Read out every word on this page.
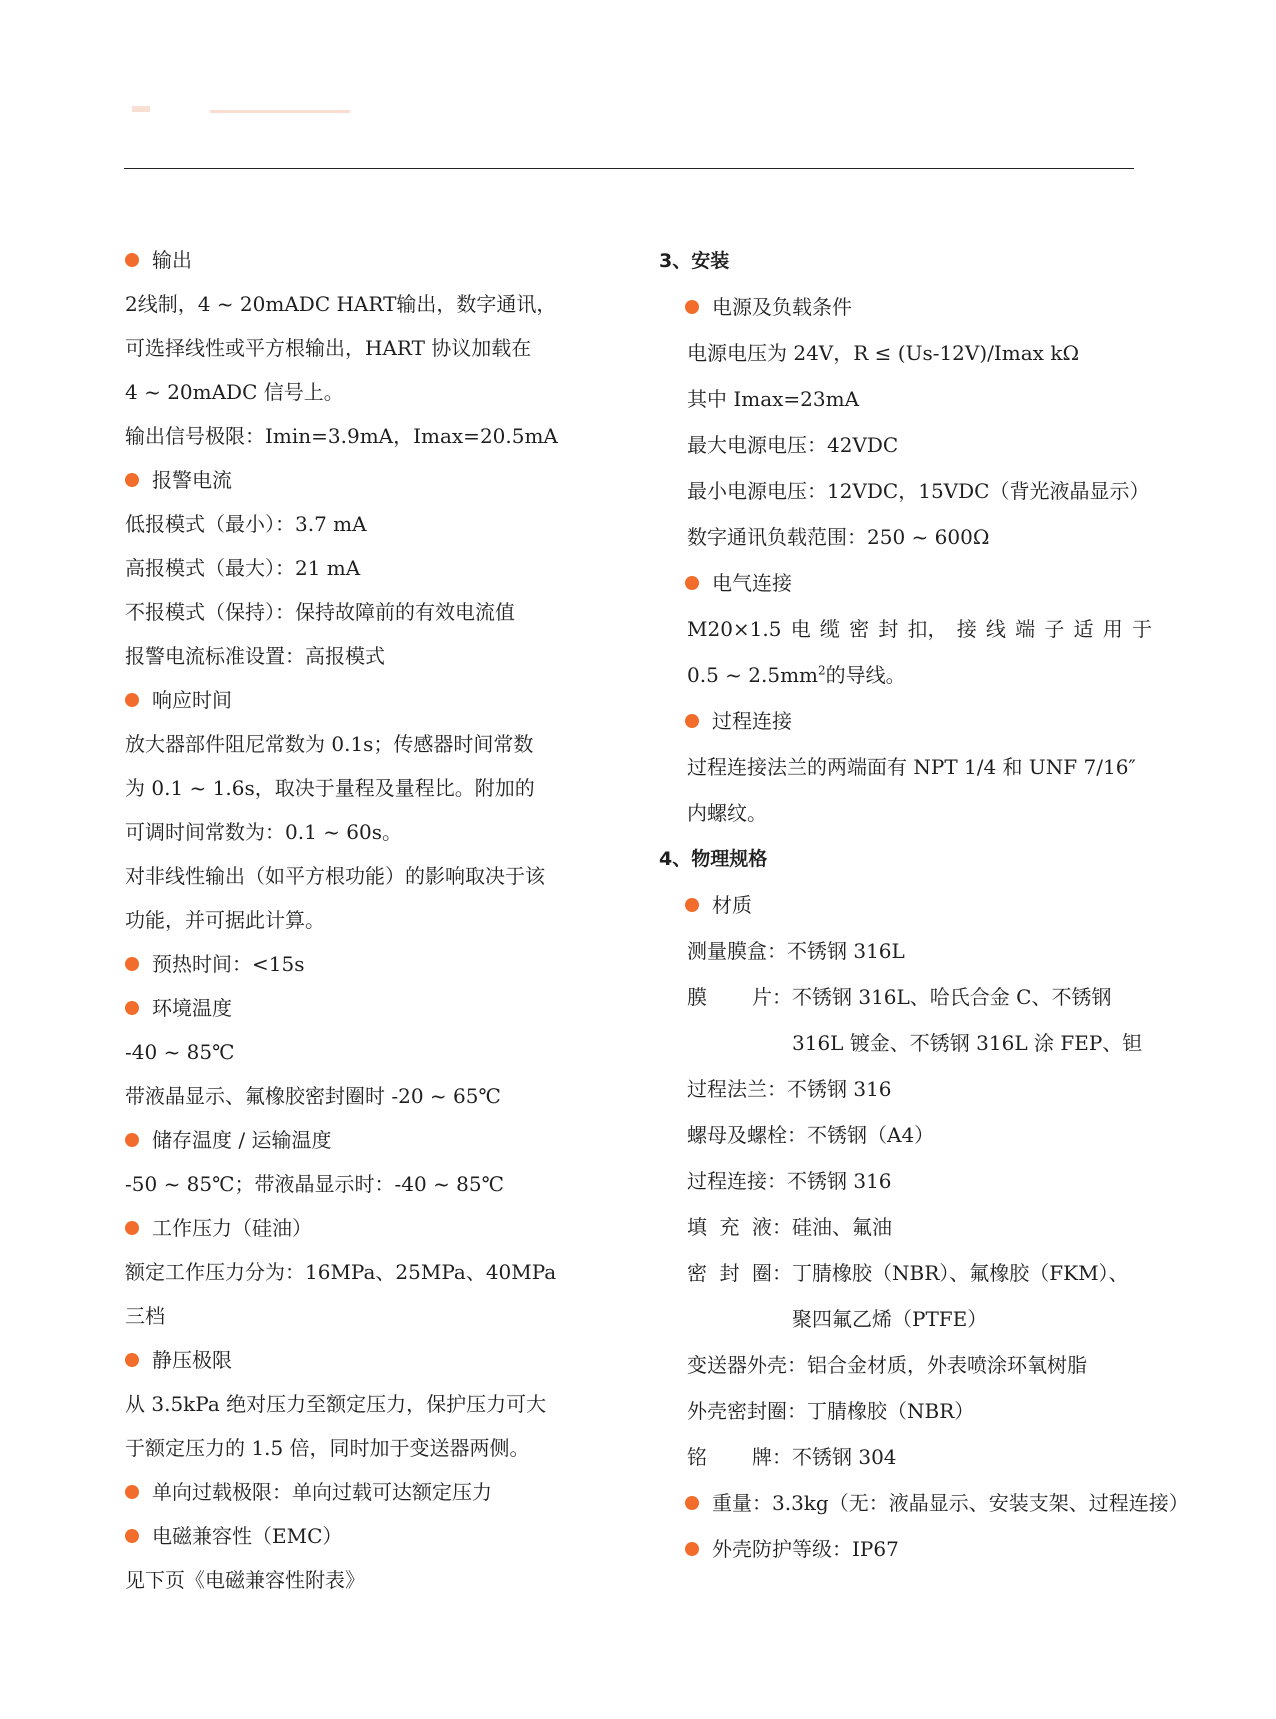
输出
2线制，4 ~ 20mADC HART输出，数字通讯，
可选择线性或平方根输出，HART 协议加载在
4 ~ 20mADC 信号上。
输出信号极限：Imin=3.9mA，Imax=20.5mA
报警电流
低报模式（最小）：3.7 mA
高报模式（最大）：21 mA
不报模式（保持）：保持故障前的有效电流值
报警电流标准设置：高报模式
响应时间
放大器部件阻尼常数为 0.1s；传感器时间常数
为 0.1 ~ 1.6s，取决于量程及量程比。附加的
可调时间常数为：0.1 ~ 60s。
对非线性输出（如平方根功能）的影响取决于该
功能，并可据此计算。
预热时间：<15s
环境温度
-40 ~ 85℃
带液晶显示、氟橡胶密封圈时 -20 ~ 65℃
储存温度 / 运输温度
-50 ~ 85℃；带液晶显示时：-40 ~ 85℃
工作压力（硅油）
额定工作压力分为：16MPa、25MPa、40MPa
三档
静压极限
从 3.5kPa 绝对压力至额定压力，保护压力可大
于额定压力的 1.5 倍，同时加于变送器两侧。
单向过载极限：单向过载可达额定压力
电磁兼容性（EMC）
见下页《电磁兼容性附表》
3、安装
电源及负载条件
电源电压为 24V，R ≤ (Us-12V)/Imax kΩ
其中 Imax=23mA
最大电源电压：42VDC
最小电源电压：12VDC，15VDC（背光液晶显示）
数字通讯负载范围：250 ~ 600Ω
电气连接
M20×1.5 电 缆 密 封 扣， 接 线 端 子 适 用 于
0.5 ~ $2.5mm^2$的导线。
过程连接
过程连接法兰的两端面有 NPT 1/4 和 UNF 7/16″
内螺纹。
4、物理规格
材质
测量膜盒：不锈钢 316L
膜 片： 不锈钢 316L、哈氏合金 C、不锈钢
316L 镀金、不锈钢 316L 涂 FEP、钽
过程法兰：不锈钢 316
螺母及螺栓：不锈钢（A4）
过程连接：不锈钢 316
填 充 液： 硅油、氟油
密 封 圈： 丁腈橡胶（NBR）、氟橡胶（FKM）、
聚四氟乙烯（PTFE）
变送器外壳：铝合金材质，外表喷涂环氧树脂
外壳密封圈：丁腈橡胶（NBR）
铭 牌： 不锈钢 304
重量：3.3kg（无：液晶显示、安装支架、过程连接）
外壳防护等级：IP67
